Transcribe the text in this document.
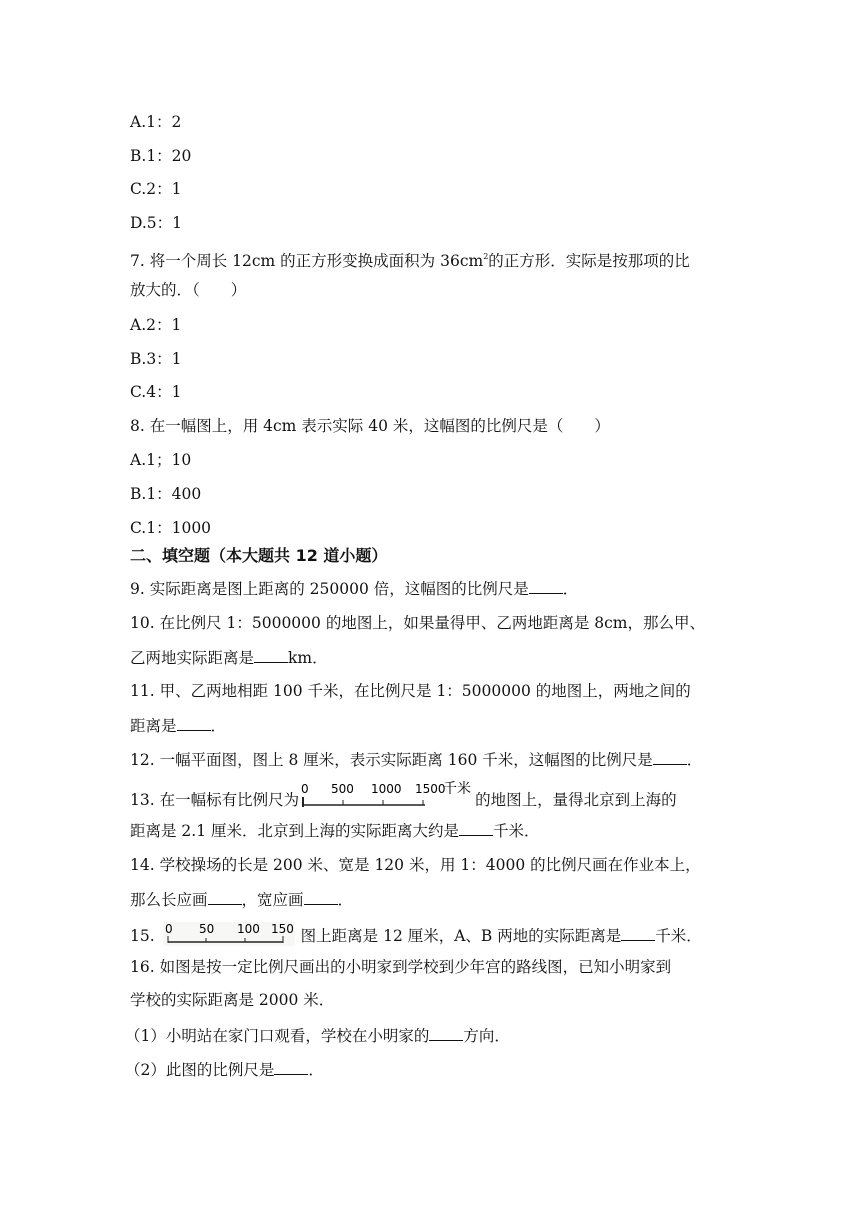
A.1：2
B.1：20
C.2：1
D.5：1
7. 将一个周长 12cm 的正方形变换成面积为 $36cm^2$的正方形．实际是按那项的比
放大的．（　　）
A.2：1
B.3：1
C.4：1
8. 在一幅图上，用 4cm 表示实际 40 米，这幅图的比例尺是（　　）
A.1；10
B.1：400
C.1：1000
二、填空题（本大题共 12 道小题）
9. 实际距离是图上距离的 250000 倍，这幅图的比例尺是 ．
10. 在比例尺 1：5000000 的地图上，如果量得甲、乙两地距离是 8cm，那么甲、
乙两地实际距离是 km．
11. 甲、乙两地相距 100 千米，在比例尺是 1：5000000 的地图上，两地之间的
距离是 ．
12. 一幅平面图，图上 8 厘米，表示实际距离 160 千米，这幅图的比例尺是 ．
13. 在一幅标有比例尺为
0 500 1000 1500
千米
的地图上，量得北京到上海的
距离是 2.1 厘米．北京到上海的实际距离大约是 千米．
14. 学校操场的长是 200 米、宽是 120 米，用 1：4000 的比例尺画在作业本上，
那么长应画 ，宽应画 ．
15. 0 50 100 150 图上距离是 12 厘米，A、B 两地的实际距离是 千米．
16. 如图是按一定比例尺画出的小明家到学校到少年宫的路线图，已知小明家到
学校的实际距离是 2000 米．
（1）小明站在家门口观看，学校在小明家的 方向．
（2）此图的比例尺是 ．
